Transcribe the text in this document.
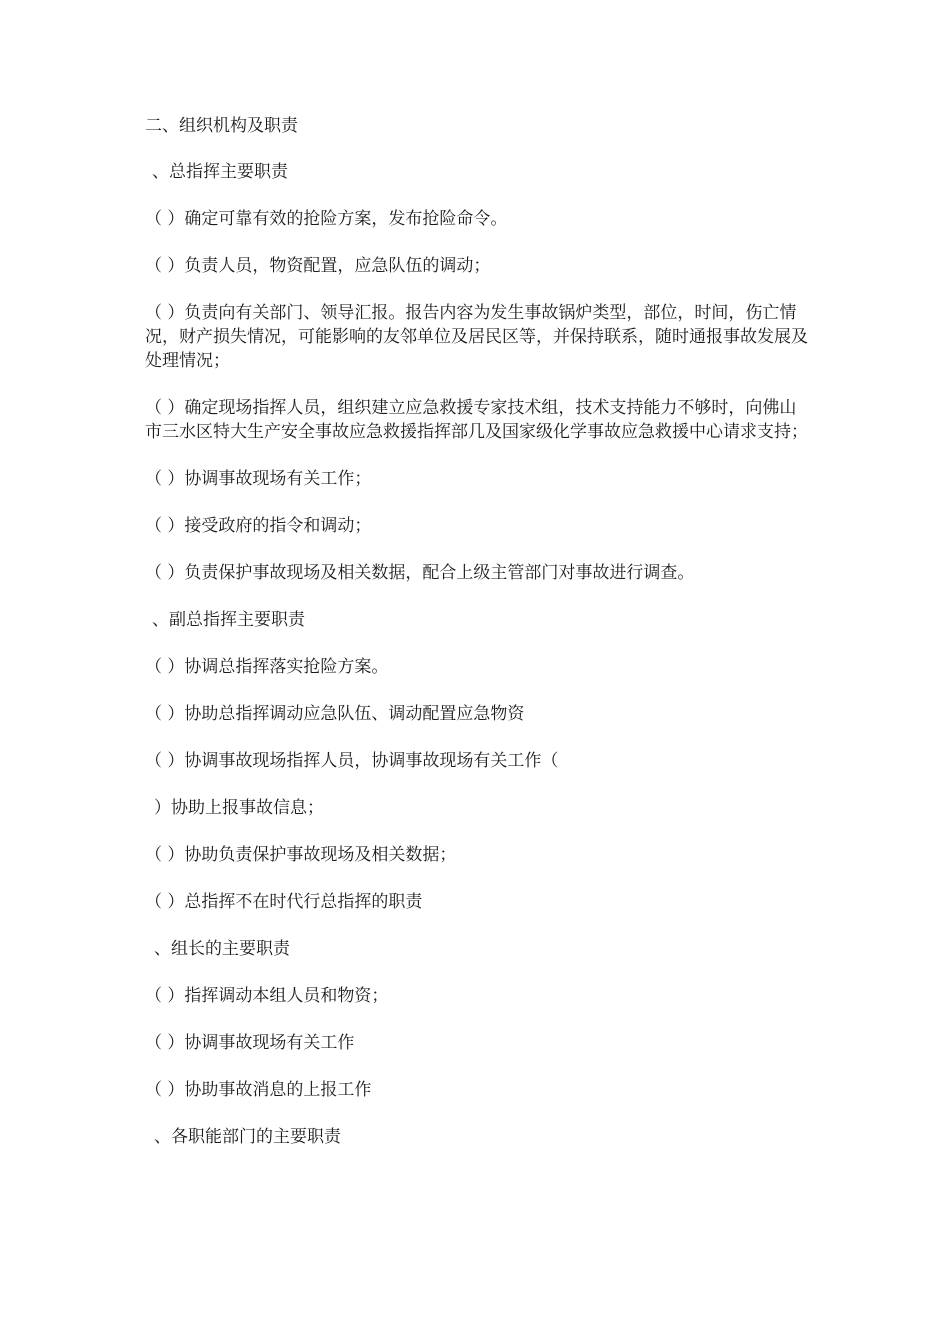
二、组织机构及职责

、总指挥主要职责

（ ）确定可靠有效的抢险方案，发布抢险命令。

（ ）负责人员，物资配置，应急队伍的调动；

（ ）负责向有关部门、领导汇报。报告内容为发生事故锅炉类型，部位，时间，伤亡情况，财产损失情况，可能影响的友邻单位及居民区等，并保持联系，随时通报事故发展及处理情况；

（ ）确定现场指挥人员，组织建立应急救援专家技术组，技术支持能力不够时，向佛山市三水区特大生产安全事故应急救援指挥部几及国家级化学事故应急救援中心请求支持；

（ ）协调事故现场有关工作；

（ ）接受政府的指令和调动；

（ ）负责保护事故现场及相关数据，配合上级主管部门对事故进行调查。

、副总指挥主要职责

（ ）协调总指挥落实抢险方案。

（ ）协助总指挥调动应急队伍、调动配置应急物资

（ ）协调事故现场指挥人员，协调事故现场有关工作（

）协助上报事故信息；

（ ）协助负责保护事故现场及相关数据；

（ ）总指挥不在时代行总指挥的职责

、组长的主要职责

（ ）指挥调动本组人员和物资；

（ ）协调事故现场有关工作

（ ）协助事故消息的上报工作

、各职能部门的主要职责
